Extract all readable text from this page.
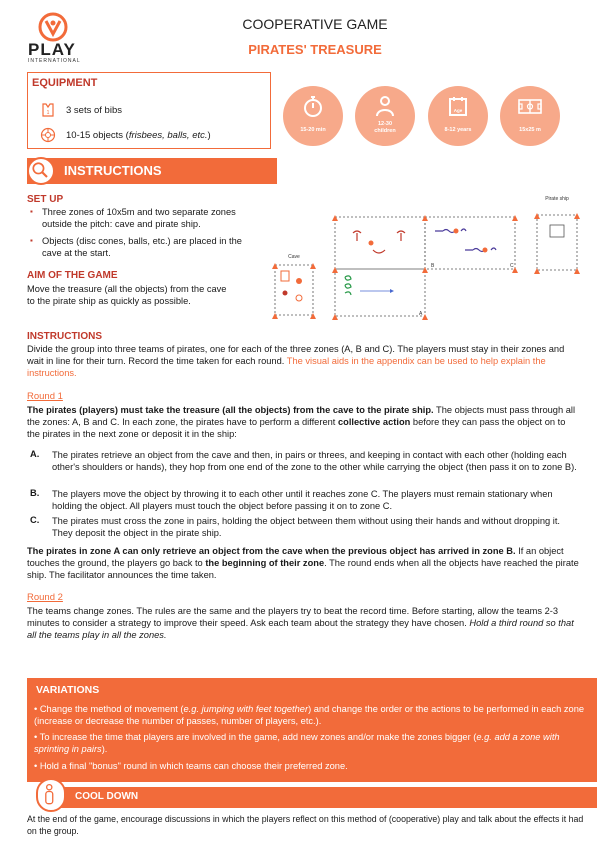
PLAY
INTERNATIONAL
COOPERATIVE GAME
PIRATES' TREASURE
EQUIPMENT
1 3 sets of bibs
10-15 objects (frisbees, balls, etc.)	15-20 min
12-30
children
Age
8-12 years	15x25 m
INSTRUCTIONS
SET UP
▪ Three zones of 10x5m and two separate zones outside the pitch: cave and pirate ship.
▪ Objects (disc cones, balls, etc.) are placed in the cave at the start.
AIM OF THE GAME
Move the treasure (all the objects) from the cave to the pirate ship as quickly as possible.
Cave
Pirate ship
B	C
A
INSTRUCTIONS
Divide the group into three teams of pirates, one for each of the three zones (A, B and C). The players must stay in their zones and wait in line for their turn. Record the time taken for each round. The visual aids in the appendix can be used to help explain the instructions.
Round 1
The pirates (players) must take the treasure (all the objects) from the cave to the pirate ship. The objects must pass through all the zones: A, B and C. In each zone, the pirates have to perform a different collective action before they can pass the object on to the pirates in the next zone or deposit it in the ship:
A. The pirates retrieve an object from the cave and then, in pairs or threes, and keeping in contact with each other (holding each other's shoulders or hands), they hop from one end of the zone to the other while carrying the object (then pass it on to zone B).
B. The players move the object by throwing it to each other until it reaches zone C. The players must remain stationary when holding the object. All players must touch the object before passing it on to zone C.
C. The pirates must cross the zone in pairs, holding the object between them without using their hands and without dropping it. They deposit the object in the pirate ship.
The pirates in zone A can only retrieve an object from the cave when the previous object has arrived in zone B. If an object touches the ground, the players go back to the beginning of their zone. The round ends when all the objects have reached the pirate ship. The facilitator announces the time taken.
Round 2
The teams change zones. The rules are the same and the players try to beat the record time. Before starting, allow the teams 2-3 minutes to consider a strategy to improve their speed. Ask each team about the strategy they have chosen. Hold a third round so that all the teams play in all the zones.
VARIATIONS
• Change the method of movement (e.g. jumping with feet together) and change the order or the actions to be performed in each zone (increase or decrease the number of passes, number of players, etc.).
• To increase the time that players are involved in the game, add new zones and/or make the zones bigger (e.g. add a zone with sprinting in pairs).
• Hold a final "bonus" round in which teams can choose their preferred zone.
COOL DOWN
At the end of the game, encourage discussions in which the players reflect on this method of (cooperative) play and talk about the effects it had on the group.
